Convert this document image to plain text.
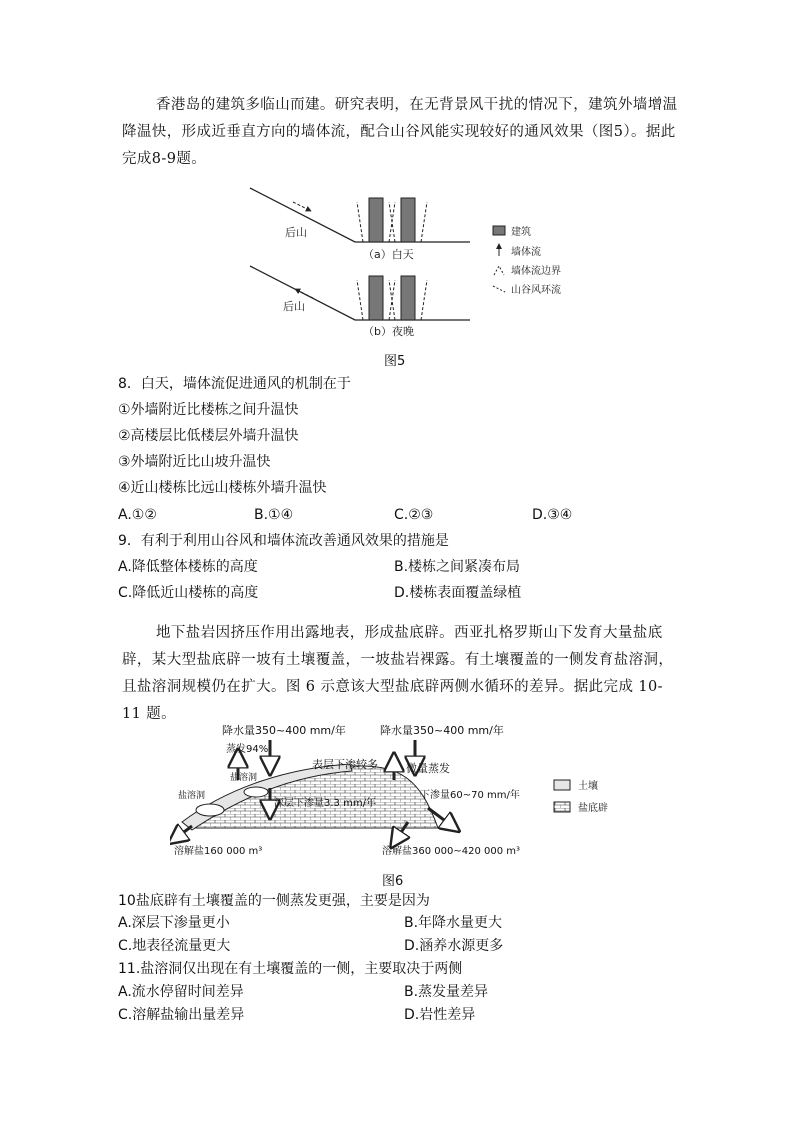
香港岛的建筑多临山而建。研究表明，在无背景风干扰的情况下，建筑外墙增温降温快，形成近垂直方向的墙体流，配合山谷风能实现较好的通风效果（图5）。据此完成8-9题。
后山
（a）白天
后山
（b）夜晚
建筑
墙体流
墙体流边界
山谷风环流
图5
8．白天，墙体流促进通风的机制在于
①外墙附近比楼栋之间升温快
②高楼层比低楼层外墙升温快
③外墙附近比山坡升温快
④近山楼栋比远山楼栋外墙升温快
A.①②	B.①④	C.②③	D.③④
9．有利于利用山谷风和墙体流改善通风效果的措施是
A.降低整体楼栋的高度	B.楼栋之间紧凑布局
C.降低近山楼栋的高度	D.楼栋表面覆盖绿植
地下盐岩因挤压作用出露地表，形成盐底辟。西亚扎格罗斯山下发育大量盐底辟，某大型盐底辟一坡有土壤覆盖，一坡盐岩裸露。有土壤覆盖的一侧发育盐溶洞，且盐溶洞规模仍在扩大。图 6 示意该大型盐底辟两侧水循环的差异。据此完成 10-11 题。
降水量350~400 mm/年	降水量350~400 mm/年
蒸发94%
盐溶洞
盐溶洞
表层下渗较多	微量蒸发
深层下渗量3.3 mm/年
下渗量60~70 mm/年
溶解盐160 000 m³	溶解盐360 000~420 000 m³
土壤
盐底辟
图6
10盐底辟有土壤覆盖的一侧蒸发更强，主要是因为
A.深层下渗量更小	B.年降水量更大
C.地表径流量更大	D.涵养水源更多
11.盐溶洞仅出现在有土壤覆盖的一侧，主要取决于两侧
A.流水停留时间差异	B.蒸发量差异
C.溶解盐输出量差异	D.岩性差异
